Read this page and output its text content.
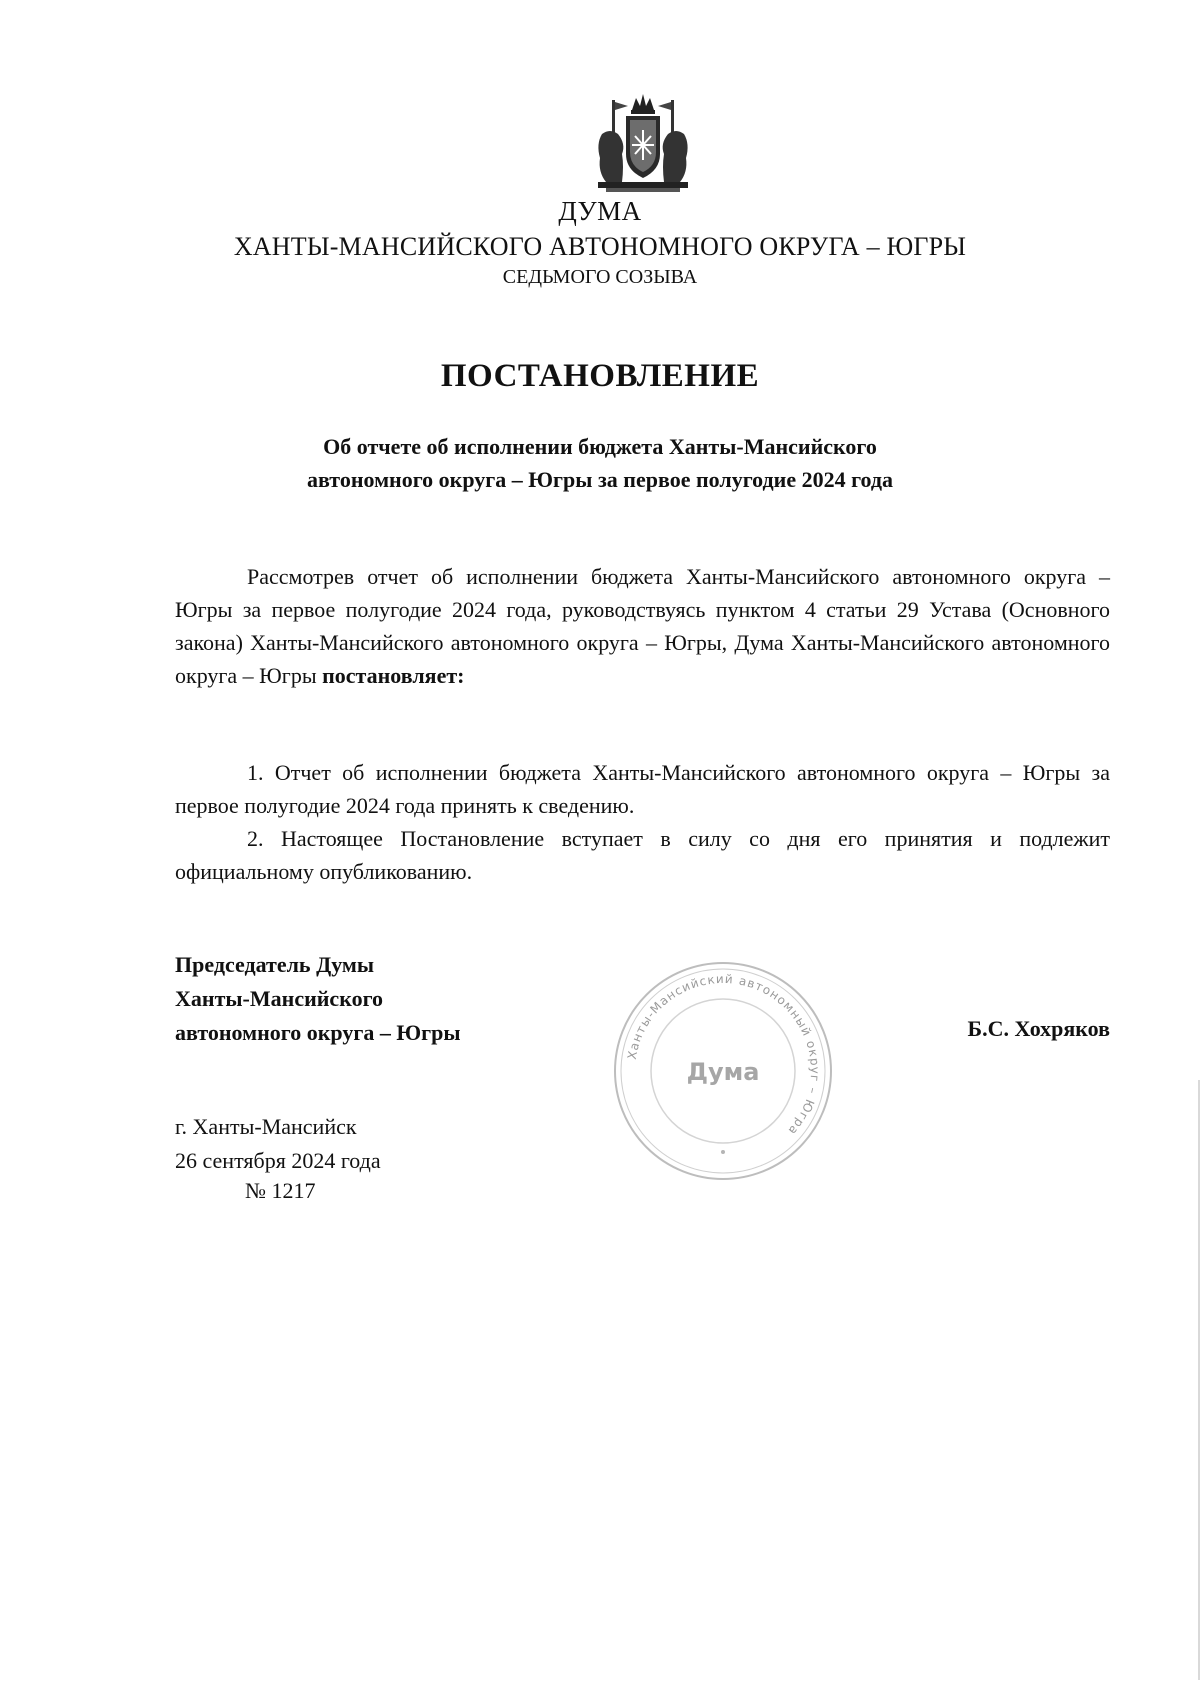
ДУМА
ХАНТЫ-МАНСИЙСКОГО АВТОНОМНОГО ОКРУГА – ЮГРЫ
СЕДЬМОГО СОЗЫВА
ПОСТАНОВЛЕНИЕ
Об отчете об исполнении бюджета Ханты-Мансийского
автономного округа – Югры за первое полугодие 2024 года

Рассмотрев отчет об исполнении бюджета Ханты-Мансийского автономного округа – Югры за первое полугодие 2024 года, руководствуясь пунктом 4 статьи 29 Устава (Основного закона) Ханты-Мансийского автономного округа – Югры, Дума Ханты-Мансийского автономного округа – Югры постановляет:

1. Отчет об исполнении бюджета Ханты-Мансийского автономного округа – Югры за первое полугодие 2024 года принять к сведению.

2. Настоящее Постановление вступает в силу со дня его принятия и подлежит официальному опубликованию.

Председатель Думы
Ханты-Мансийского
автономного округа – Югры
Ханты-Мансийский автономный округ – Югра
Дума
Б.С. Хохряков
г. Ханты-Мансийск
26 сентября 2024 года
№ 1217
